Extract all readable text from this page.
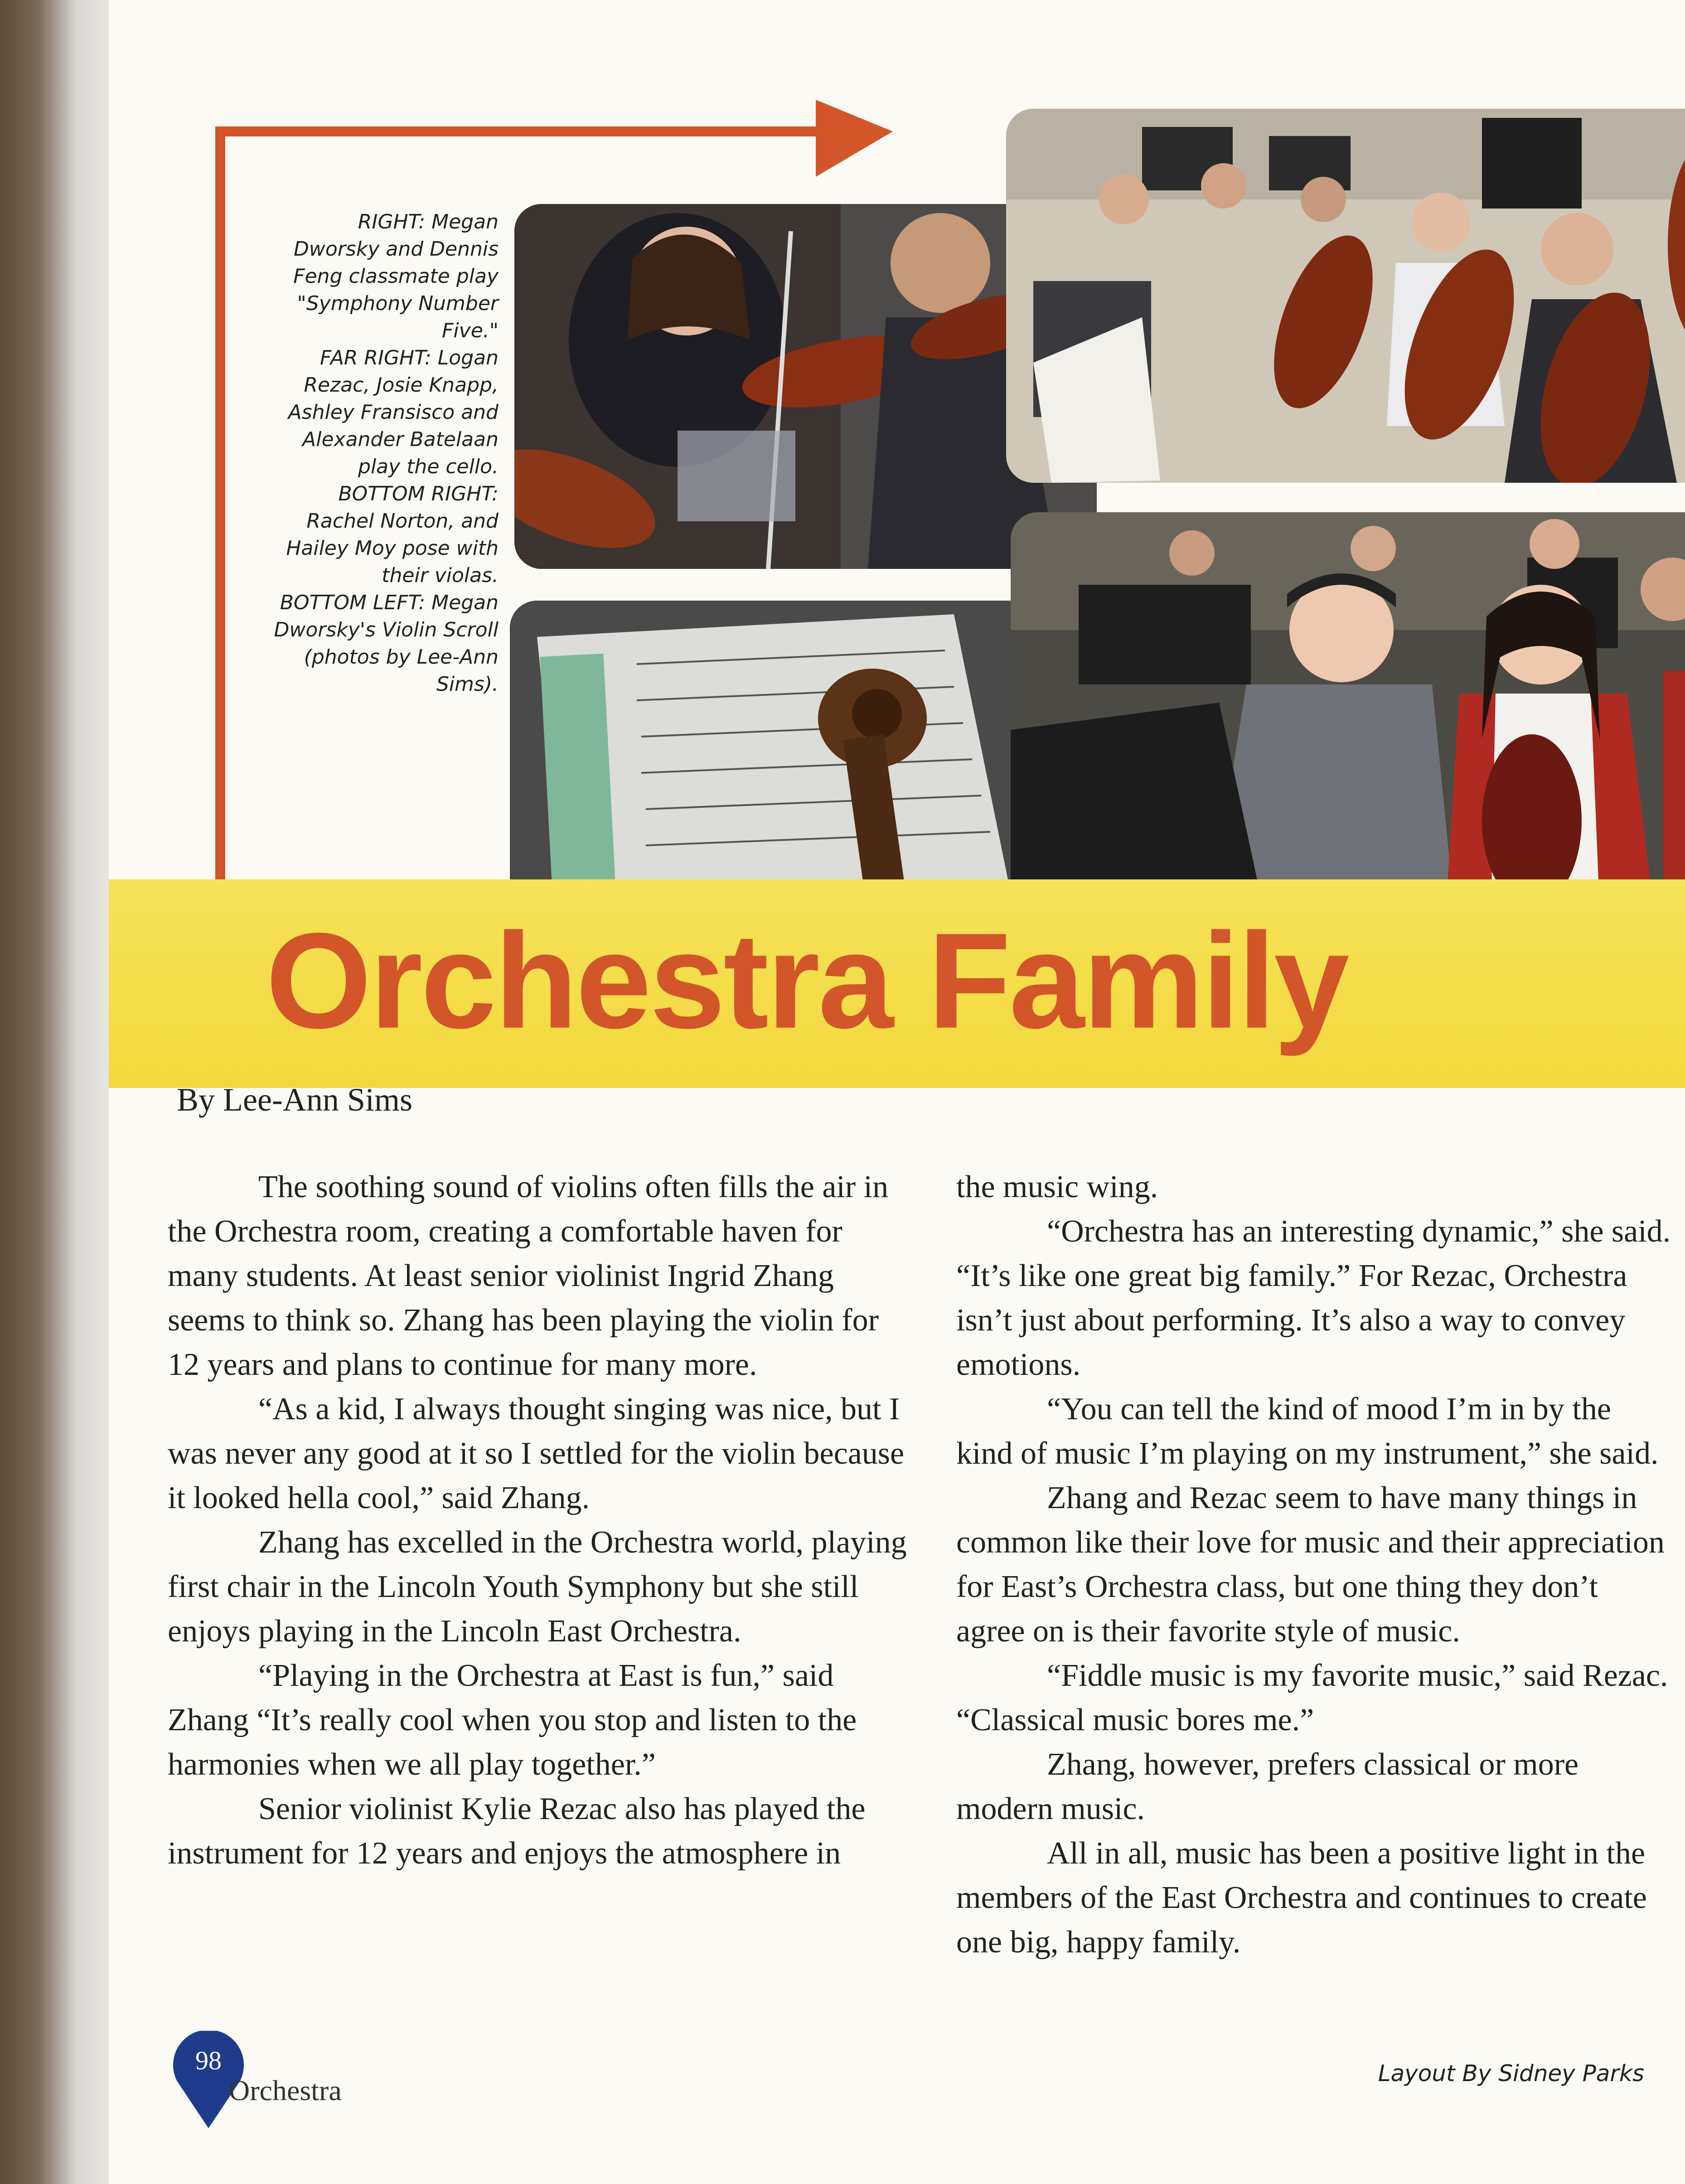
RIGHT: Megan
Dworsky and Dennis
Feng classmate play
"Symphony Number
Five."
FAR RIGHT: Logan
Rezac, Josie Knapp,
Ashley Fransisco and
Alexander Batelaan
play the cello.
BOTTOM RIGHT:
Rachel Norton, and
Hailey Moy pose with
their violas.
BOTTOM LEFT: Megan
Dworsky's Violin Scroll
(photos by Lee-Ann
Sims).
Orchestra Family
By Lee-Ann Sims

The soothing sound of violins often fills the air in the Orchestra room, creating a comfortable haven for many students. At least senior violinist Ingrid Zhang seems to think so. Zhang has been playing the violin for 12 years and plans to continue for many more.

“As a kid, I always thought singing was nice, but I was never any good at it so I settled for the violin because it looked hella cool,” said Zhang.

Zhang has excelled in the Orchestra world, playing first chair in the Lincoln Youth Symphony but she still enjoys playing in the Lincoln East Orchestra.

“Playing in the Orchestra at East is fun,” said Zhang “It’s really cool when you stop and listen to the harmonies when we all play together.”

Senior violinist Kylie Rezac also has played the instrument for 12 years and enjoys the atmosphere in

the music wing.

“Orchestra has an interesting dynamic,” she said. “It’s like one great big family.” For Rezac, Orchestra isn’t just about performing. It’s also a way to convey emotions.

“You can tell the kind of mood I’m in by the kind of music I’m playing on my instrument,” she said.

Zhang and Rezac seem to have many things in common like their love for music and their appreciation for East’s Orchestra class, but one thing they don’t agree on is their favorite style of music.

“Fiddle music is my favorite music,” said Rezac. “Classical music bores me.”

Zhang, however, prefers classical or more modern music.

All in all, music has been a positive light in the members of the East Orchestra and continues to create one big, happy family.

98
Orchestra
Layout By Sidney Parks
